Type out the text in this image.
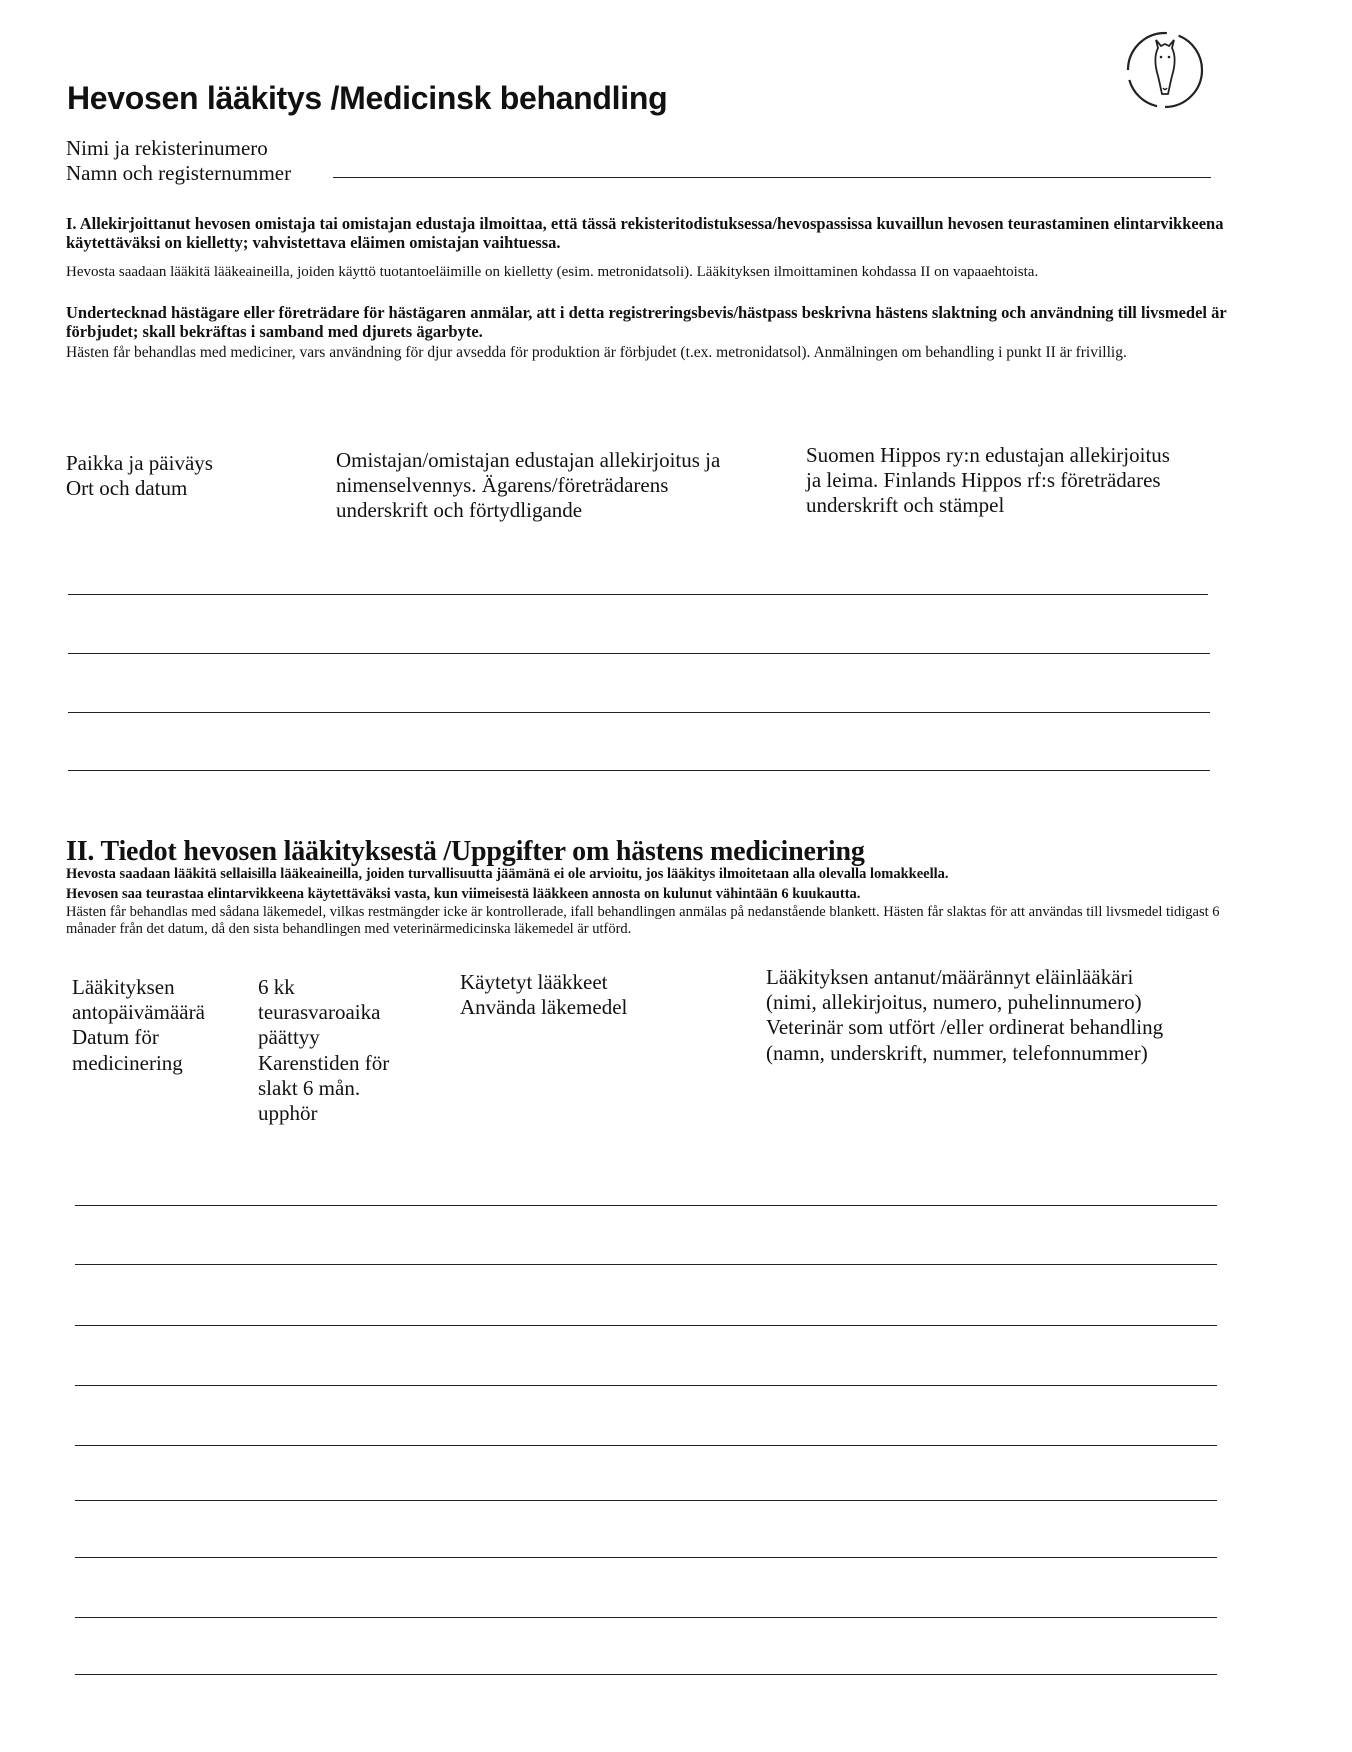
Hevosen lääkitys /Medicinsk behandling
Nimi ja rekisterinumero
Namn och registernummer

I. Allekirjoittanut hevosen omistaja tai omistajan edustaja ilmoittaa, että tässä rekisteritodistuksessa/hevospassissa kuvaillun hevosen teurastaminen elintarvikkeena käytettäväksi on kielletty; vahvistettava eläimen omistajan vaihtuessa.

Hevosta saadaan lääkitä lääkeaineilla, joiden käyttö tuotantoeläimille on kielletty (esim. metronidatsoli). Lääkityksen ilmoittaminen kohdassa II on vapaaehtoista.

Undertecknad hästägare eller företrädare för hästägaren anmälar, att i detta registreringsbevis/hästpass beskrivna hästens slaktning och användning till livsmedel är förbjudet; skall bekräftas i samband med djurets ägarbyte.

Hästen får behandlas med mediciner, vars användning för djur avsedda för produktion är förbjudet (t.ex. metronidatsol). Anmälningen om behandling i punkt II är frivillig.

Paikka ja päiväys
Ort och datum
Omistajan/omistajan edustajan allekirjoitus ja
nimenselvennys. Ägarens/företrädarens
underskrift och förtydligande
Suomen Hippos ry:n edustajan allekirjoitus
ja leima. Finlands Hippos rf:s företrädares
underskrift och stämpel
II. Tiedot hevosen lääkityksestä /Uppgifter om hästens medicinering

Hevosta saadaan lääkitä sellaisilla lääkeaineilla, joiden turvallisuutta jäämänä ei ole arvioitu, jos lääkitys ilmoitetaan alla olevalla lomakkeella.

Hevosen saa teurastaa elintarvikkeena käytettäväksi vasta, kun viimeisestä lääkkeen annosta on kulunut vähintään 6 kuukautta.

Hästen får behandlas med sådana läkemedel, vilkas restmängder icke är kontrollerade, ifall behandlingen anmälas på nedanstående blankett. Hästen får slaktas för att användas till livsmedel tidigast 6 månader från det datum, då den sista behandlingen med veterinärmedicinska läkemedel är utförd.

Lääkityksen
antopäivämäärä
Datum för
medicinering
6 kk
teurasvaroaika
päättyy
Karenstiden för
slakt 6 mån.
upphör
Käytetyt lääkkeet
Använda läkemedel
Lääkityksen antanut/määrännyt eläinlääkäri
(nimi, allekirjoitus, numero, puhelinnumero)
Veterinär som utfört /eller ordinerat behandling
(namn, underskrift, nummer, telefonnummer)
